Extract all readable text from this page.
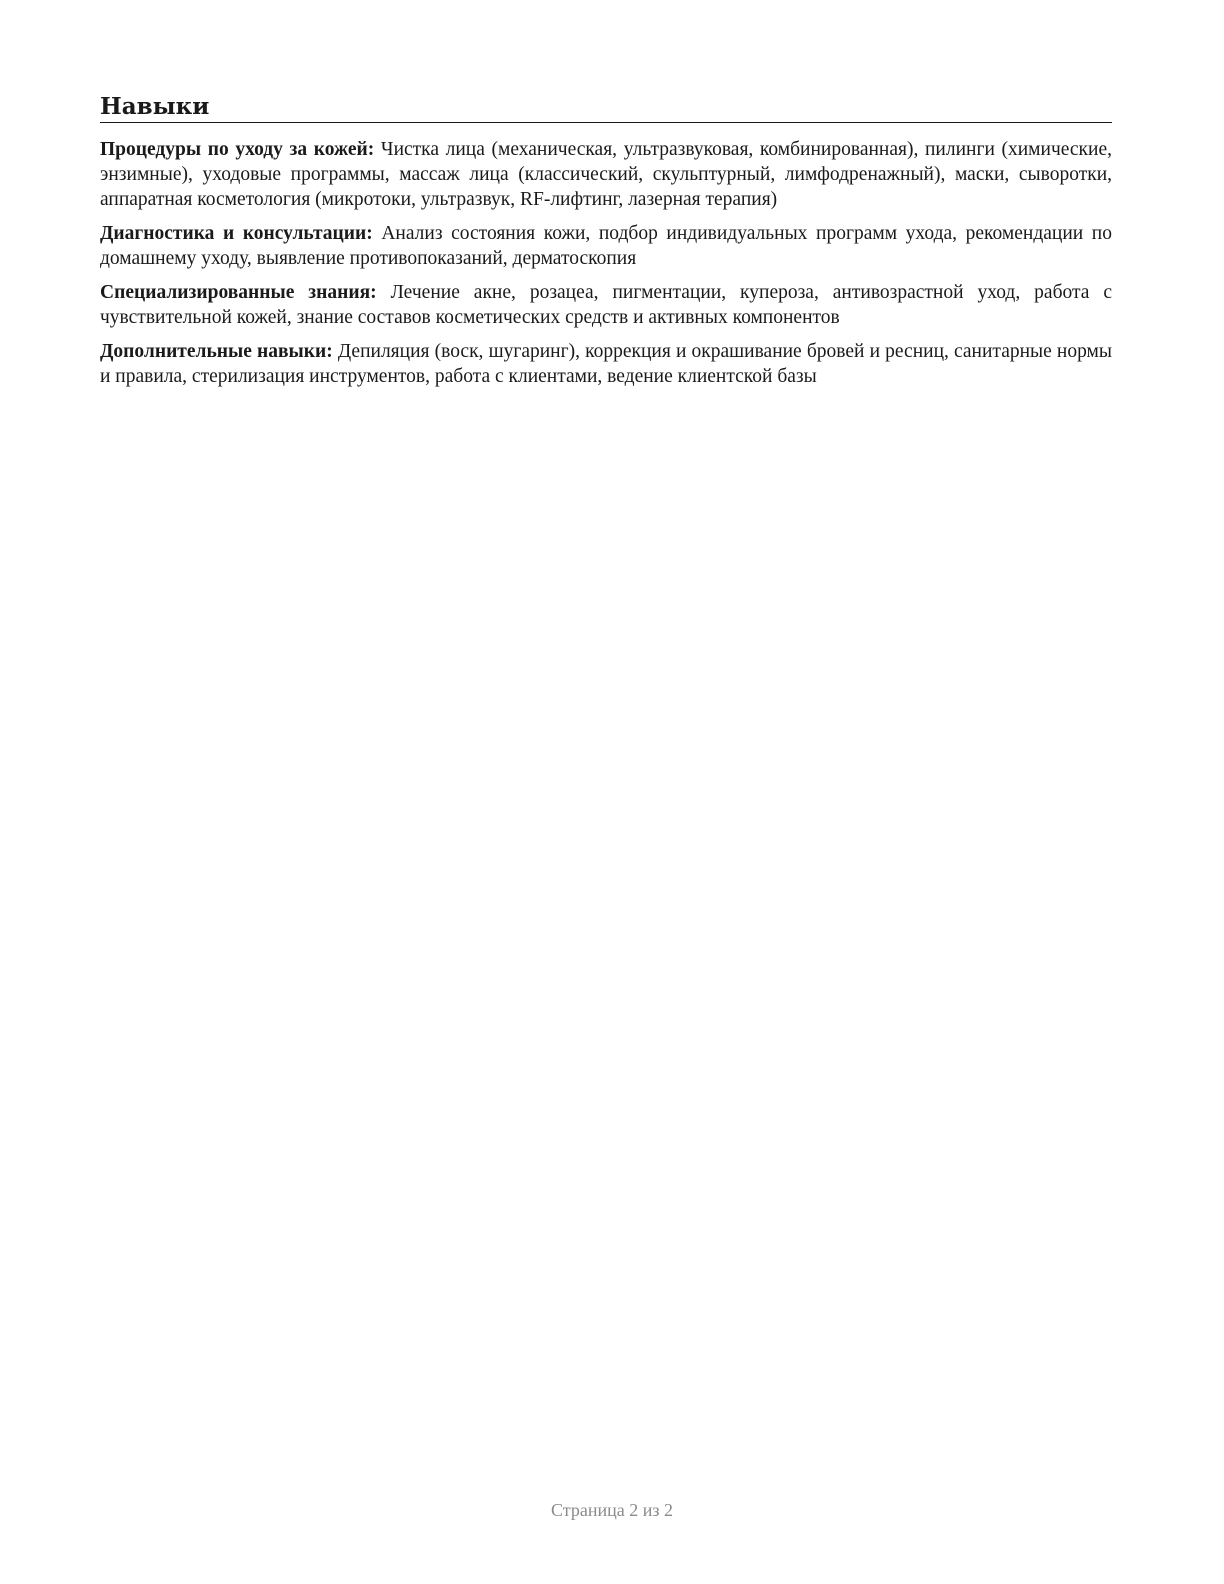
Навыки

Процедуры по уходу за кожей: Чистка лица (механическая, ультразвуковая, комбинированная), пилинги (химические, энзимные), уходовые программы, массаж лица (классический, скульптурный, лимфодренажный), маски, сыворотки, аппаратная косметология (микротоки, ультразвук, RF-лифтинг, лазерная терапия)

Диагностика и консультации: Анализ состояния кожи, подбор индивидуальных программ ухода, рекомендации по домашнему уходу, выявление противопоказаний, дерматоскопия

Специализированные знания: Лечение акне, розацеа, пигментации, купероза, антивозрастной уход, работа с чувствительной кожей, знание составов косметических средств и активных компонентов

Дополнительные навыки: Депиляция (воск, шугаринг), коррекция и окрашивание бровей и ресниц, санитарные нормы и правила, стерилизация инструментов, работа с клиентами, ведение клиентской базы

Страница 2 из 2
